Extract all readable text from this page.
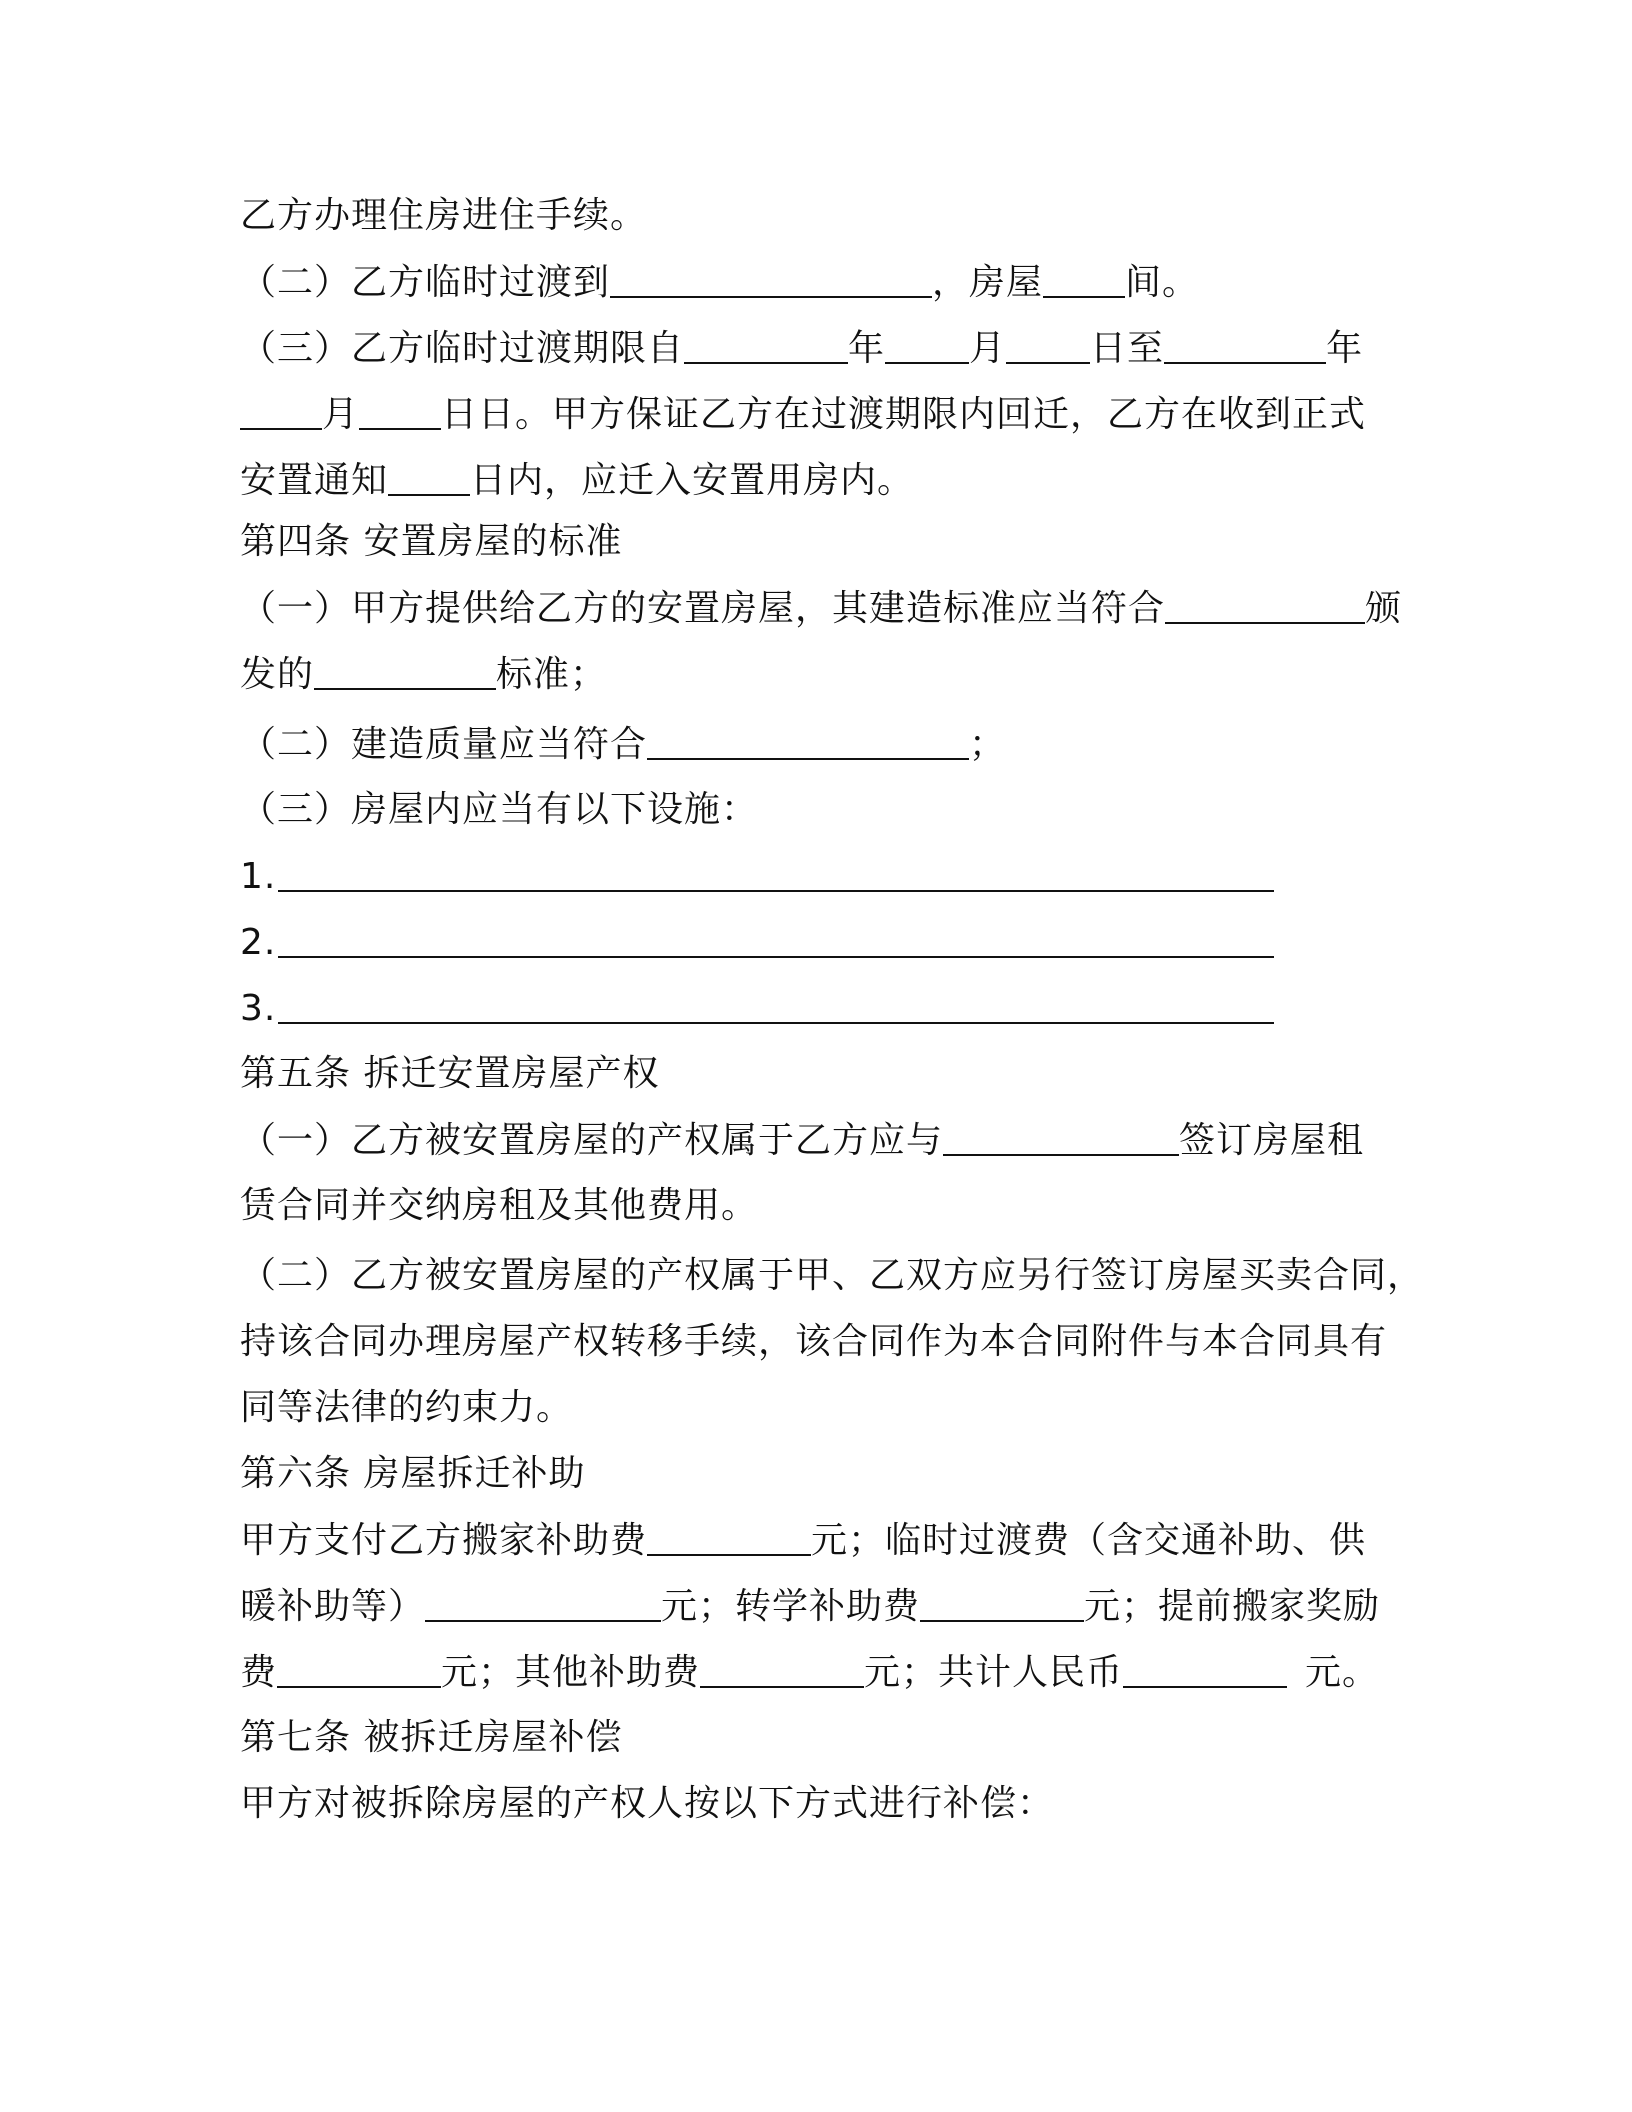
乙方办理住房进住手续。
（二）乙方临时过渡到	，房屋 间。
（三）乙方临时过渡期限自	年 月 日至	年
月 日日。甲方保证乙方在过渡期限内回迁，乙方在收到正式
安置通知 日内，应迁入安置用房内。
第四条 安置房屋的标准
（一）甲方提供给乙方的安置房屋，其建造标准应当符合	颁
发的	标准；
（二）建造质量应当符合	；
（三）房屋内应当有以下设施：
1.
2.
3.
第五条 拆迁安置房屋产权
（一）乙方被安置房屋的产权属于乙方应与	签订房屋租
赁合同并交纳房租及其他费用。
（二）乙方被安置房屋的产权属于甲、乙双方应另行签订房屋买卖合同，
持该合同办理房屋产权转移手续，该合同作为本合同附件与本合同具有
同等法律的约束力。
第六条 房屋拆迁补助
甲方支付乙方搬家补助费	元；临时过渡费（含交通补助、供
暖补助等）	元；转学补助费	元；提前搬家奖励
费	元；其他补助费	元；共计人民币	元。
第七条 被拆迁房屋补偿
甲方对被拆除房屋的产权人按以下方式进行补偿：
